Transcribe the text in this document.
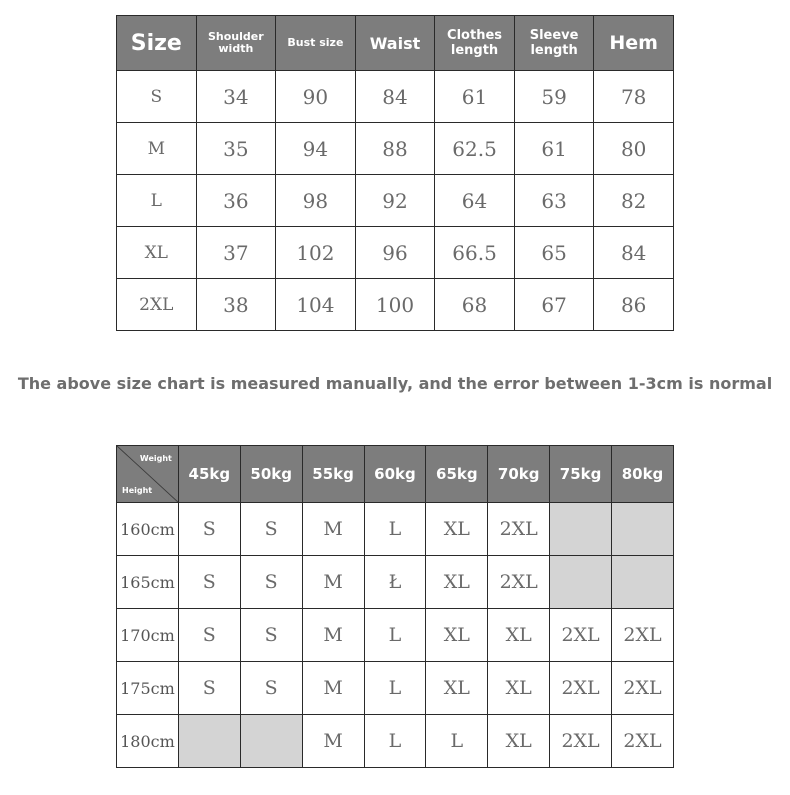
Size	Shoulder width	Bust size	Waist	Clothes length	Sleeve length	Hem
S	34	90	84	61	59	78
M	35	94	88	62.5	61	80
L	36	98	92	64	63	82
XL	37	102	96	66.5	65	84
2XL	38	104	100	68	67	86
The above size chart is measured manually, and the error between 1-3cm is normal
Weight
Height	45kg	50kg	55kg	60kg	65kg	70kg	75kg	80kg
160cm	S	S	M	L	XL	2XL		
165cm	S	S	M	Ł	XL	2XL		
170cm	S	S	M	L	XL	XL	2XL	2XL
175cm	S	S	M	L	XL	XL	2XL	2XL
180cm			M	L	L	XL	2XL	2XL
